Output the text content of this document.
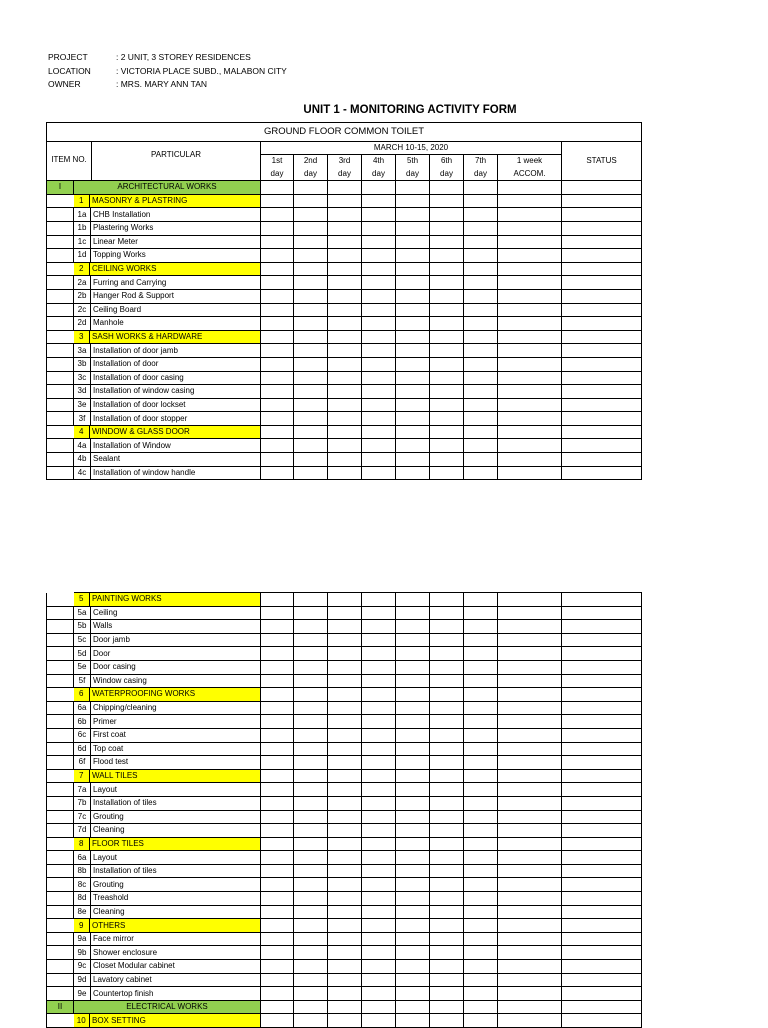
PROJECT	: 2 UNIT, 3 STOREY RESIDENCES
LOCATION	: VICTORIA PLACE SUBD., MALABON CITY
OWNER	: MRS. MARY ANN TAN
UNIT 1 - MONITORING ACTIVITY FORM
GROUND FLOOR COMMON TOILET											

ITEM NO.
PARTICULAR			MARCH 10-15, 2020								STATUS
			1st	2nd	3rd	4th	5th	6th	7th	1 week	
			day	day	day	day	day	day	day	ACCOM.	
I	ARCHITECTURAL WORKS										
	1	MASONRY & PLASTRING									
	1a	CHB Installation									
	1b	Plastering Works									
	1c	Linear Meter									
	1d	Topping Works									
	2	CEILING WORKS									
	2a	Furring and Carrying									
	2b	Hanger Rod & Support									
	2c	Ceiling Board									
	2d	Manhole									
	3	SASH WORKS & HARDWARE									
	3a	Installation of door jamb									
	3b	Installation of door									
	3c	Installation of door casing									
	3d	Installation of window casing									
	3e	Installation of door lockset									
	3f	Installation of door stopper									
	4	WINDOW & GLASS DOOR									
	4a	Installation of Window									
	4b	Sealant									
	4c	Installation of window handle									
	5	PAINTING WORKS									
	5a	Ceiling									
	5b	Walls									
	5c	Door jamb									
	5d	Door									
	5e	Door casing									
	5f	Window casing									
	6	WATERPROOFING WORKS									
	6a	Chipping/cleaning									
	6b	Primer									
	6c	First coat									
	6d	Top coat									
	6f	Flood test									
	7	WALL TILES									
	7a	Layout									
	7b	Installation of tiles									
	7c	Grouting									
	7d	Cleaning									
	8	FLOOR TILES									
	6a	Layout									
	8b	Installation of tiles									
	8c	Grouting									
	8d	Treashold									
	8e	Cleaning									
	9	OTHERS									
	9a	Face mirror									
	9b	Shower enclosure									
	9c	Closet Modular cabinet									
	9d	Lavatory cabinet									
	9e	Countertop finish									
II	ELECTRICAL WORKS										
	10	BOX SETTING									
